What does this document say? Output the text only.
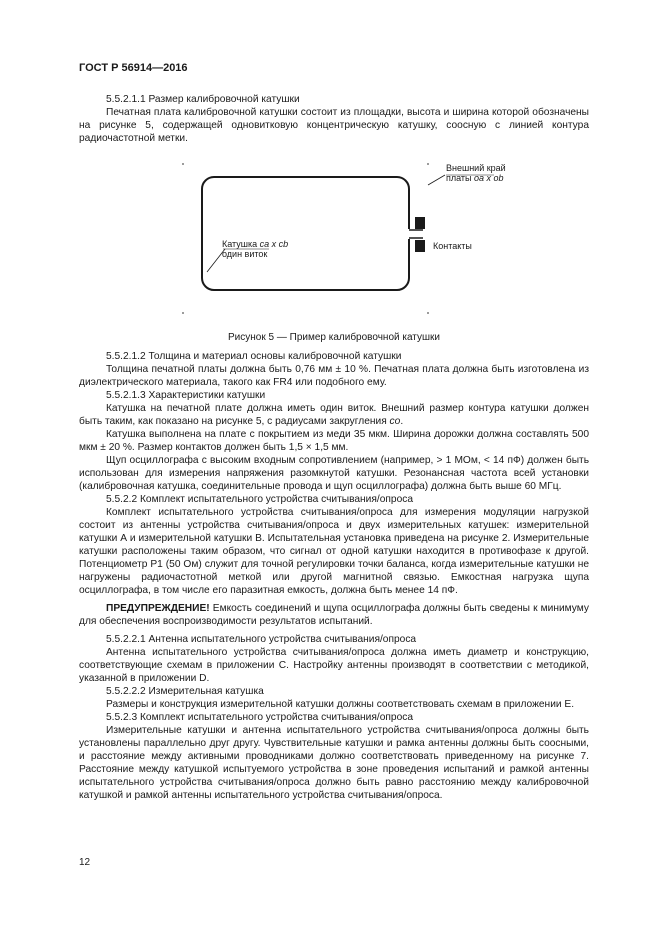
ГОСТ Р 56914—2016

5.5.2.1.1 Размер калибровочной катушки

Печатная плата калибровочной катушки состоит из площадки, высота и ширина которой обозначены на рисунке 5, содержащей одновитковую концентрическую катушку, соосную с линией контура радиочастотной метки.

Внешний край
платы oa x ob
Контакты
Катушка ca x cb
один виток

Рисунок 5 — Пример калибровочной катушки

5.5.2.1.2 Толщина и материал основы калибровочной катушки

Толщина печатной платы должна быть 0,76 мм ± 10 %. Печатная плата должна быть изготовлена из диэлектрического материала, такого как FR4 или подобного ему.

5.5.2.1.3 Характеристики катушки

Катушка на печатной плате должна иметь один виток. Внешний размер контура катушки должен быть таким, как показано на рисунке 5, с радиусами закругления co.

Катушка выполнена на плате с покрытием из меди 35 мкм. Ширина дорожки должна составлять 500 мкм ± 20 %. Размер контактов должен быть 1,5 × 1,5 мм.

Щуп осциллографа с высоким входным сопротивлением (например, > 1 МОм, < 14 пФ) должен быть использован для измерения напряжения разомкнутой катушки. Резонансная частота всей установки (калибровочная катушка, соединительные провода и щуп осциллографа) должна быть выше 60 МГц.

5.5.2.2 Комплект испытательного устройства считывания/опроса

Комплект испытательного устройства считывания/опроса для измерения модуляции нагрузкой состоит из антенны устройства считывания/опроса и двух измерительных катушек: измерительной катушки А и измерительной катушки В. Испытательная установка приведена на рисунке 2. Измерительные катушки расположены таким образом, что сигнал от одной катушки находится в противофазе к другой. Потенциометр Р1 (50 Ом) служит для точной регулировки точки баланса, когда измерительные катушки не нагружены радиочастотной меткой или другой магнитной связью. Емкостная нагрузка щупа осциллографа, в том числе его паразитная емкость, должна быть менее 14 пФ.

ПРЕДУПРЕЖДЕНИЕ! Емкость соединений и щупа осциллографа должны быть сведены к минимуму для обеспечения воспроизводимости результатов испытаний.

5.5.2.2.1 Антенна испытательного устройства считывания/опроса

Антенна испытательного устройства считывания/опроса должна иметь диаметр и конструкцию, соответствующие схемам в приложении С. Настройку антенны производят в соответствии с методикой, указанной в приложении D.

5.5.2.2.2 Измерительная катушка

Размеры и конструкция измерительной катушки должны соответствовать схемам в приложении Е.

5.5.2.3 Комплект испытательного устройства считывания/опроса

Измерительные катушки и антенна испытательного устройства считывания/опроса должны быть установлены параллельно друг другу. Чувствительные катушки и рамка антенны должны быть соосными, и расстояние между активными проводниками должно соответствовать приведенному на рисунке 7. Расстояние между катушкой испытуемого устройства в зоне проведения испытаний и рамкой антенны испытательного устройства считывания/опроса должно быть равно расстоянию между калибровочной катушкой и рамкой антенны испытательного устройства считывания/опроса.

12
